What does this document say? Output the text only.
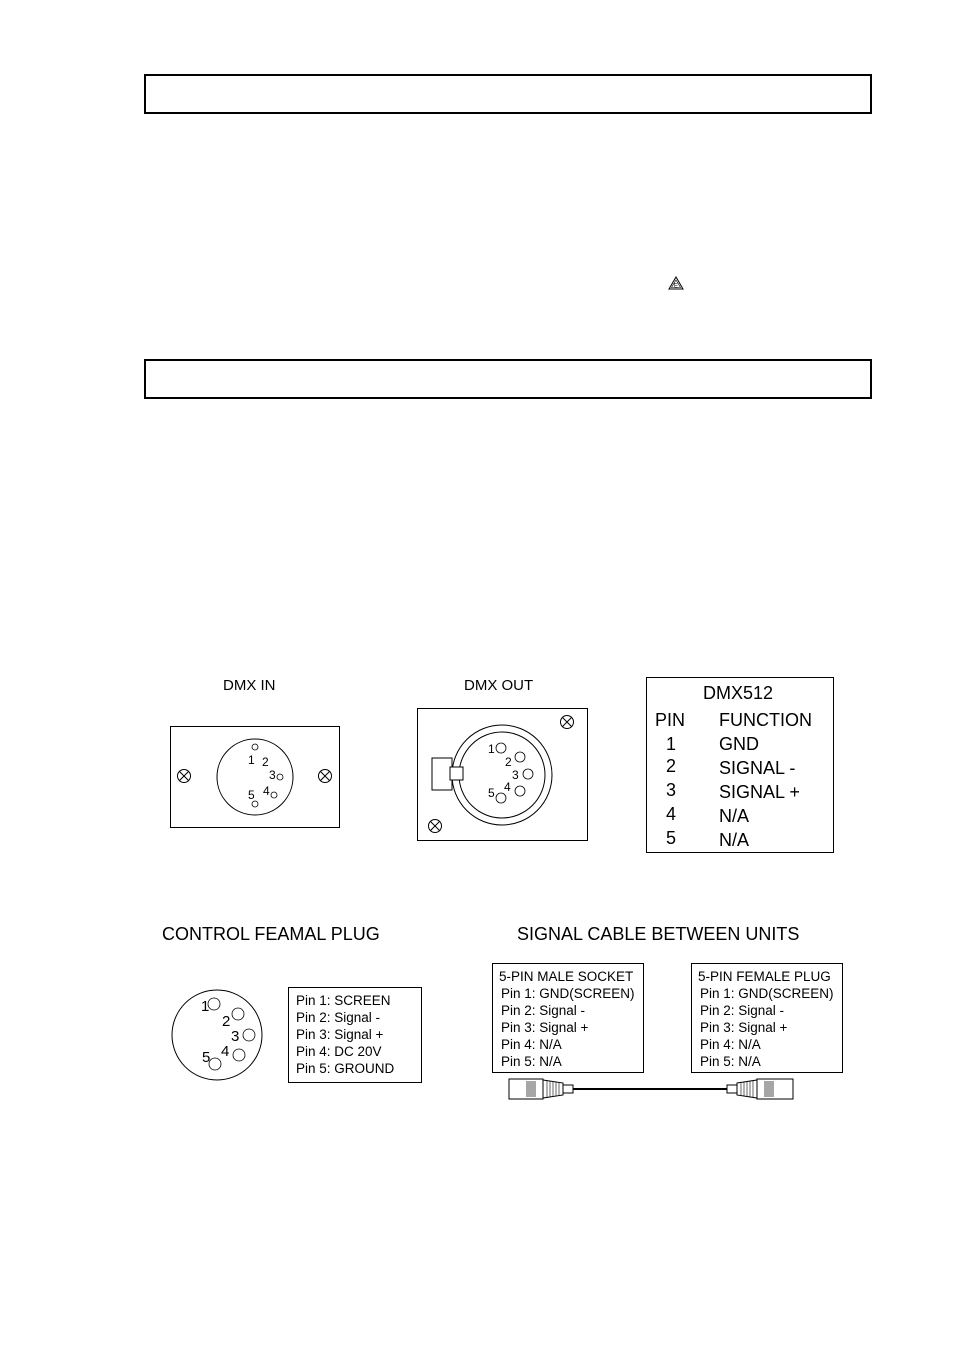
E
DMX IN
1 2
3
4
5
DMX OUT
1
2
3
4
5
DMX512
PIN FUNCTION
1 GND
2 SIGNAL -
3 SIGNAL +
4 N/A
5 N/A
CONTROL FEAMAL PLUG
1
2
3
4
5
Pin 1: SCREEN
Pin 2: Signal -
Pin 3: Signal +
Pin 4: DC 20V
Pin 5: GROUND
SIGNAL CABLE BETWEEN UNITS
5-PIN MALE SOCKET
Pin 1: GND(SCREEN)
Pin 2: Signal -
Pin 3: Signal +
Pin 4: N/A
Pin 5: N/A
5-PIN FEMALE PLUG
Pin 1: GND(SCREEN)
Pin 2: Signal -
Pin 3: Signal +
Pin 4: N/A
Pin 5: N/A
